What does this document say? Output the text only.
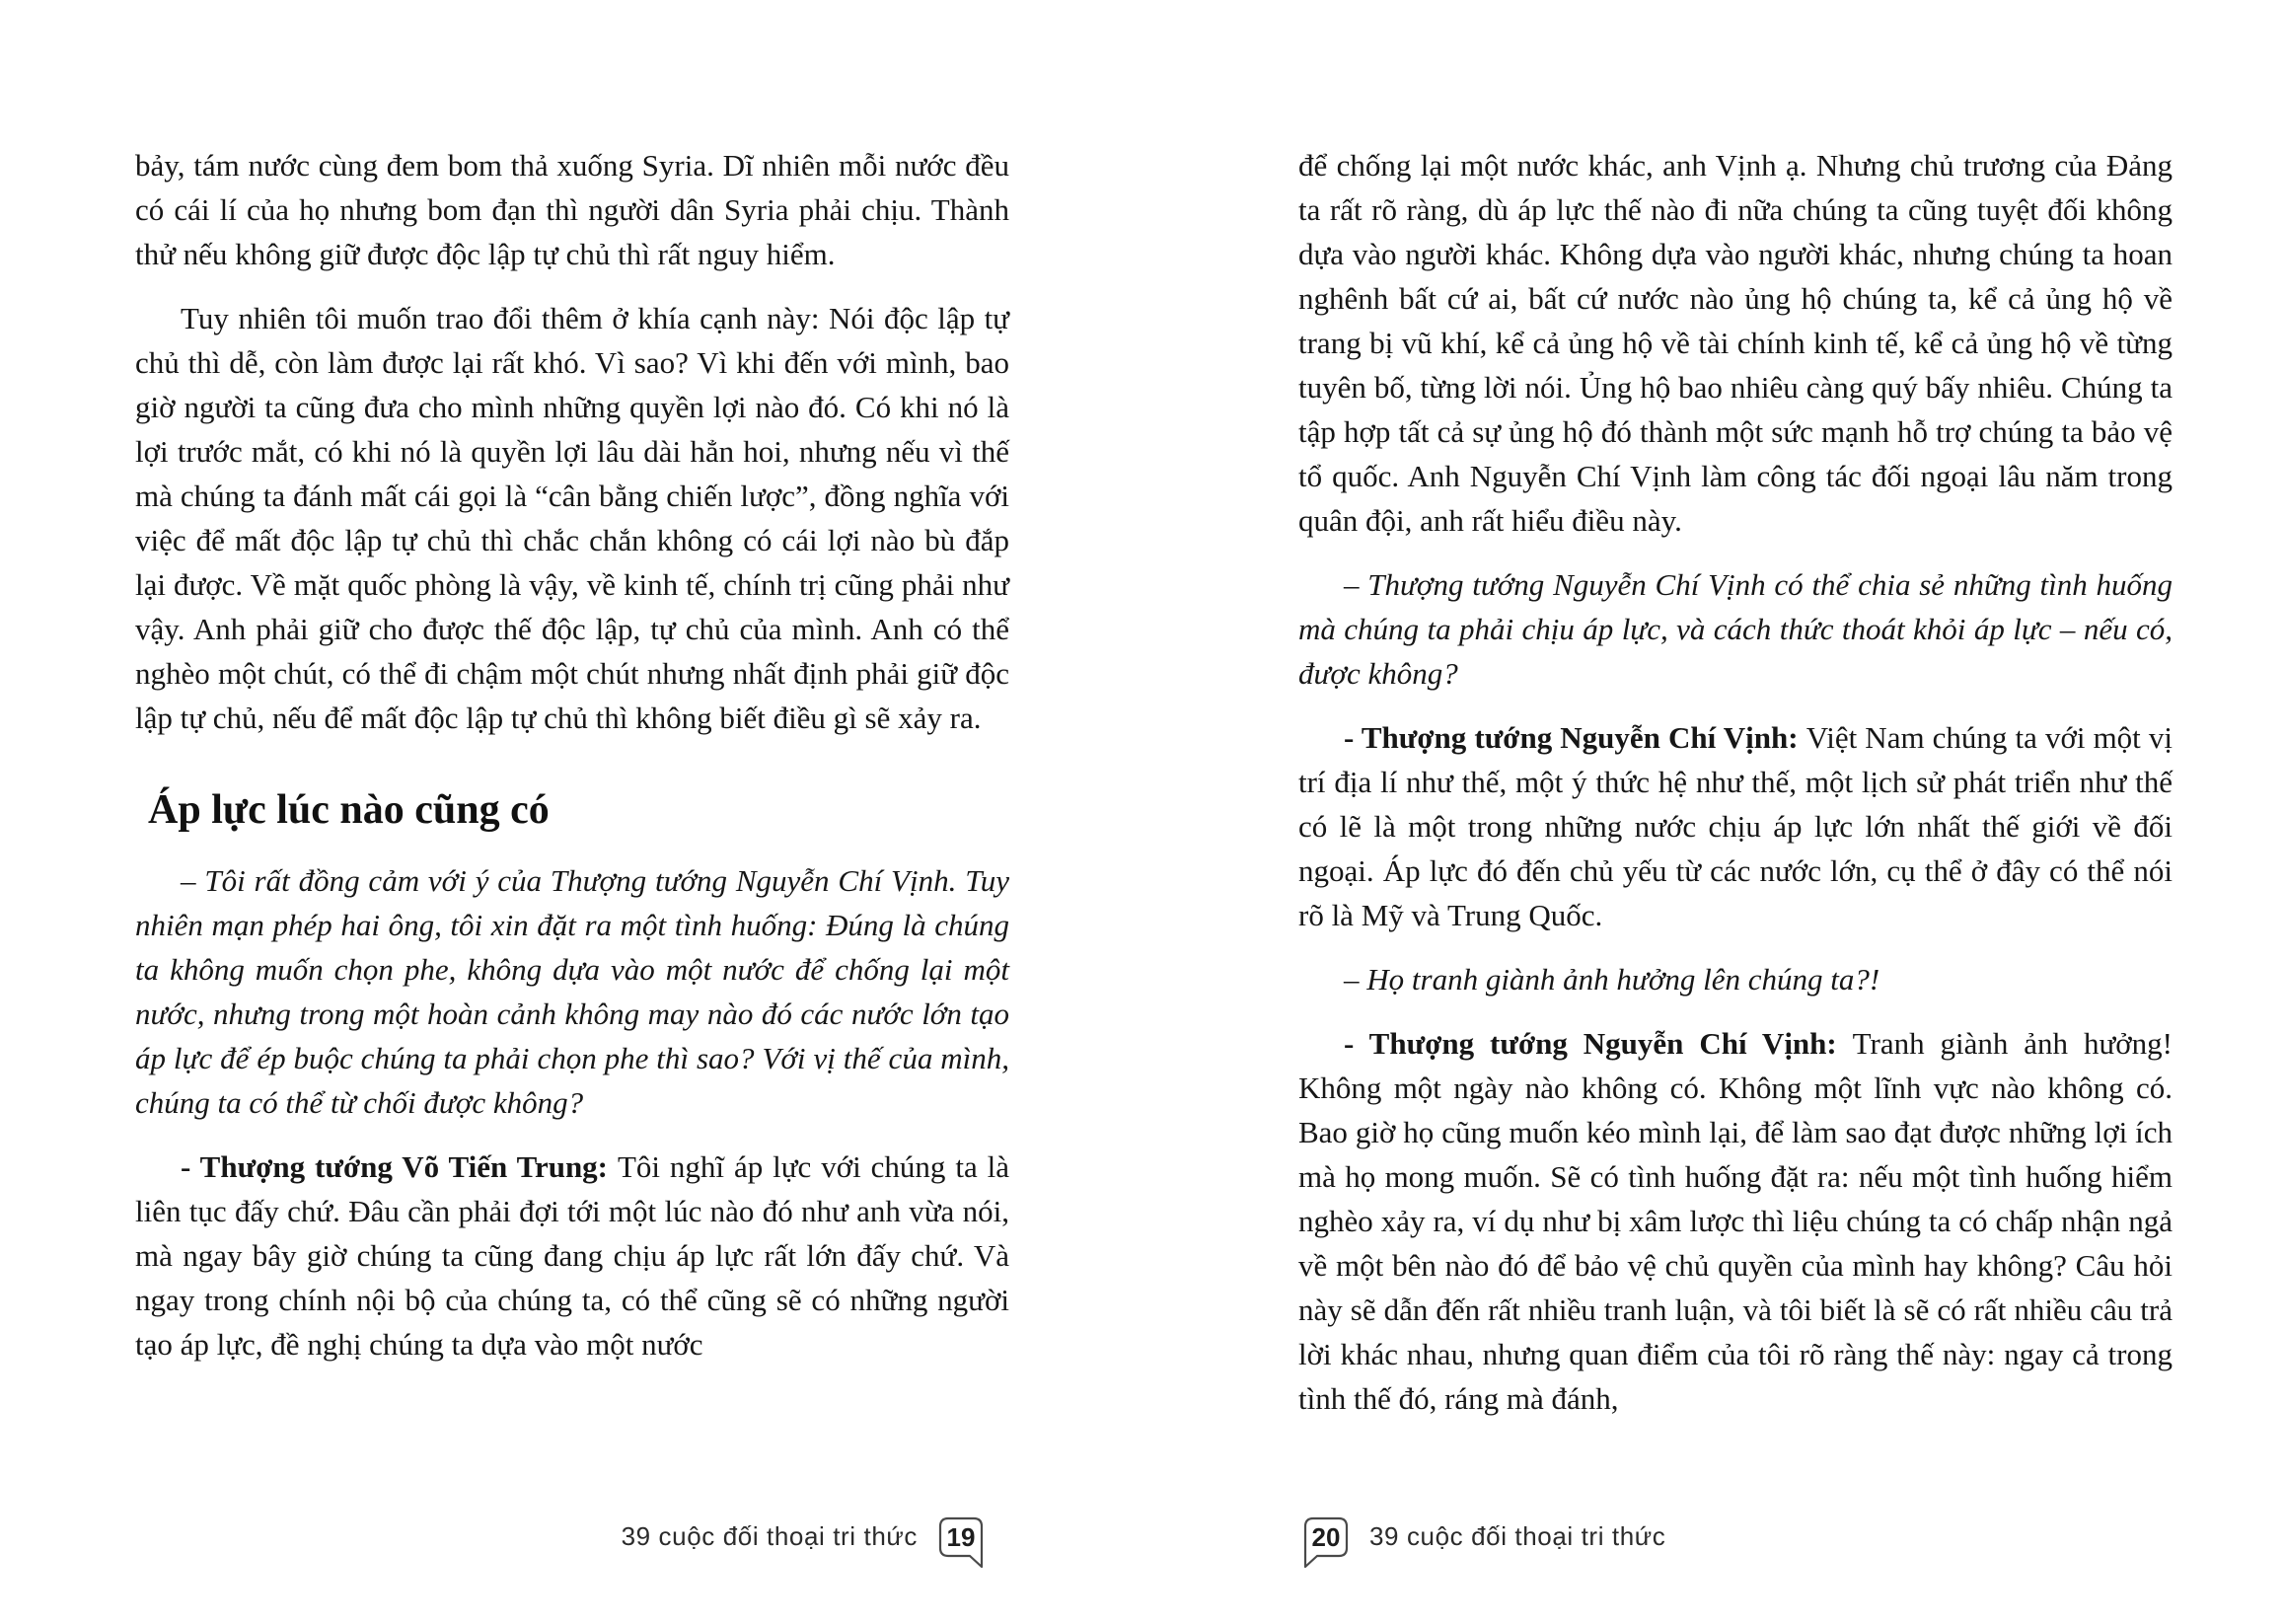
bảy, tám nước cùng đem bom thả xuống Syria. Dĩ nhiên mỗi nước đều có cái lí của họ nhưng bom đạn thì người dân Syria phải chịu. Thành thử nếu không giữ được độc lập tự chủ thì rất nguy hiểm.

Tuy nhiên tôi muốn trao đổi thêm ở khía cạnh này: Nói độc lập tự chủ thì dễ, còn làm được lại rất khó. Vì sao? Vì khi đến với mình, bao giờ người ta cũng đưa cho mình những quyền lợi nào đó. Có khi nó là lợi trước mắt, có khi nó là quyền lợi lâu dài hẳn hoi, nhưng nếu vì thế mà chúng ta đánh mất cái gọi là “cân bằng chiến lược”, đồng nghĩa với việc để mất độc lập tự chủ thì chắc chắn không có cái lợi nào bù đắp lại được. Về mặt quốc phòng là vậy, về kinh tế, chính trị cũng phải như vậy. Anh phải giữ cho được thế độc lập, tự chủ của mình. Anh có thể nghèo một chút, có thể đi chậm một chút nhưng nhất định phải giữ độc lập tự chủ, nếu để mất độc lập tự chủ thì không biết điều gì sẽ xảy ra.

Áp lực lúc nào cũng có

– Tôi rất đồng cảm với ý của Thượng tướng Nguyễn Chí Vịnh. Tuy nhiên mạn phép hai ông, tôi xin đặt ra một tình huống: Đúng là chúng ta không muốn chọn phe, không dựa vào một nước để chống lại một nước, nhưng trong một hoàn cảnh không may nào đó các nước lớn tạo áp lực để ép buộc chúng ta phải chọn phe thì sao? Với vị thế của mình, chúng ta có thể từ chối được không?

- Thượng tướng Võ Tiến Trung: Tôi nghĩ áp lực với chúng ta là liên tục đấy chứ. Đâu cần phải đợi tới một lúc nào đó như anh vừa nói, mà ngay bây giờ chúng ta cũng đang chịu áp lực rất lớn đấy chứ. Và ngay trong chính nội bộ của chúng ta, có thể cũng sẽ có những người tạo áp lực, đề nghị chúng ta dựa vào một nước

để chống lại một nước khác, anh Vịnh ạ. Nhưng chủ trương của Đảng ta rất rõ ràng, dù áp lực thế nào đi nữa chúng ta cũng tuyệt đối không dựa vào người khác. Không dựa vào người khác, nhưng chúng ta hoan nghênh bất cứ ai, bất cứ nước nào ủng hộ chúng ta, kể cả ủng hộ về trang bị vũ khí, kể cả ủng hộ về tài chính kinh tế, kể cả ủng hộ về từng tuyên bố, từng lời nói. Ủng hộ bao nhiêu càng quý bấy nhiêu. Chúng ta tập hợp tất cả sự ủng hộ đó thành một sức mạnh hỗ trợ chúng ta bảo vệ tổ quốc. Anh Nguyễn Chí Vịnh làm công tác đối ngoại lâu năm trong quân đội, anh rất hiểu điều này.

– Thượng tướng Nguyễn Chí Vịnh có thể chia sẻ những tình huống mà chúng ta phải chịu áp lực, và cách thức thoát khỏi áp lực – nếu có, được không?

- Thượng tướng Nguyễn Chí Vịnh: Việt Nam chúng ta với một vị trí địa lí như thế, một ý thức hệ như thế, một lịch sử phát triển như thế có lẽ là một trong những nước chịu áp lực lớn nhất thế giới về đối ngoại. Áp lực đó đến chủ yếu từ các nước lớn, cụ thể ở đây có thể nói rõ là Mỹ và Trung Quốc.

– Họ tranh giành ảnh hưởng lên chúng ta?!

- Thượng tướng Nguyễn Chí Vịnh: Tranh giành ảnh hưởng! Không một ngày nào không có. Không một lĩnh vực nào không có. Bao giờ họ cũng muốn kéo mình lại, để làm sao đạt được những lợi ích mà họ mong muốn. Sẽ có tình huống đặt ra: nếu một tình huống hiểm nghèo xảy ra, ví dụ như bị xâm lược thì liệu chúng ta có chấp nhận ngả về một bên nào đó để bảo vệ chủ quyền của mình hay không? Câu hỏi này sẽ dẫn đến rất nhiều tranh luận, và tôi biết là sẽ có rất nhiều câu trả lời khác nhau, nhưng quan điểm của tôi rõ ràng thế này: ngay cả trong tình thế đó, ráng mà đánh,

39 cuộc đối thoại tri thức	19	20	39 cuộc đối thoại tri thức
